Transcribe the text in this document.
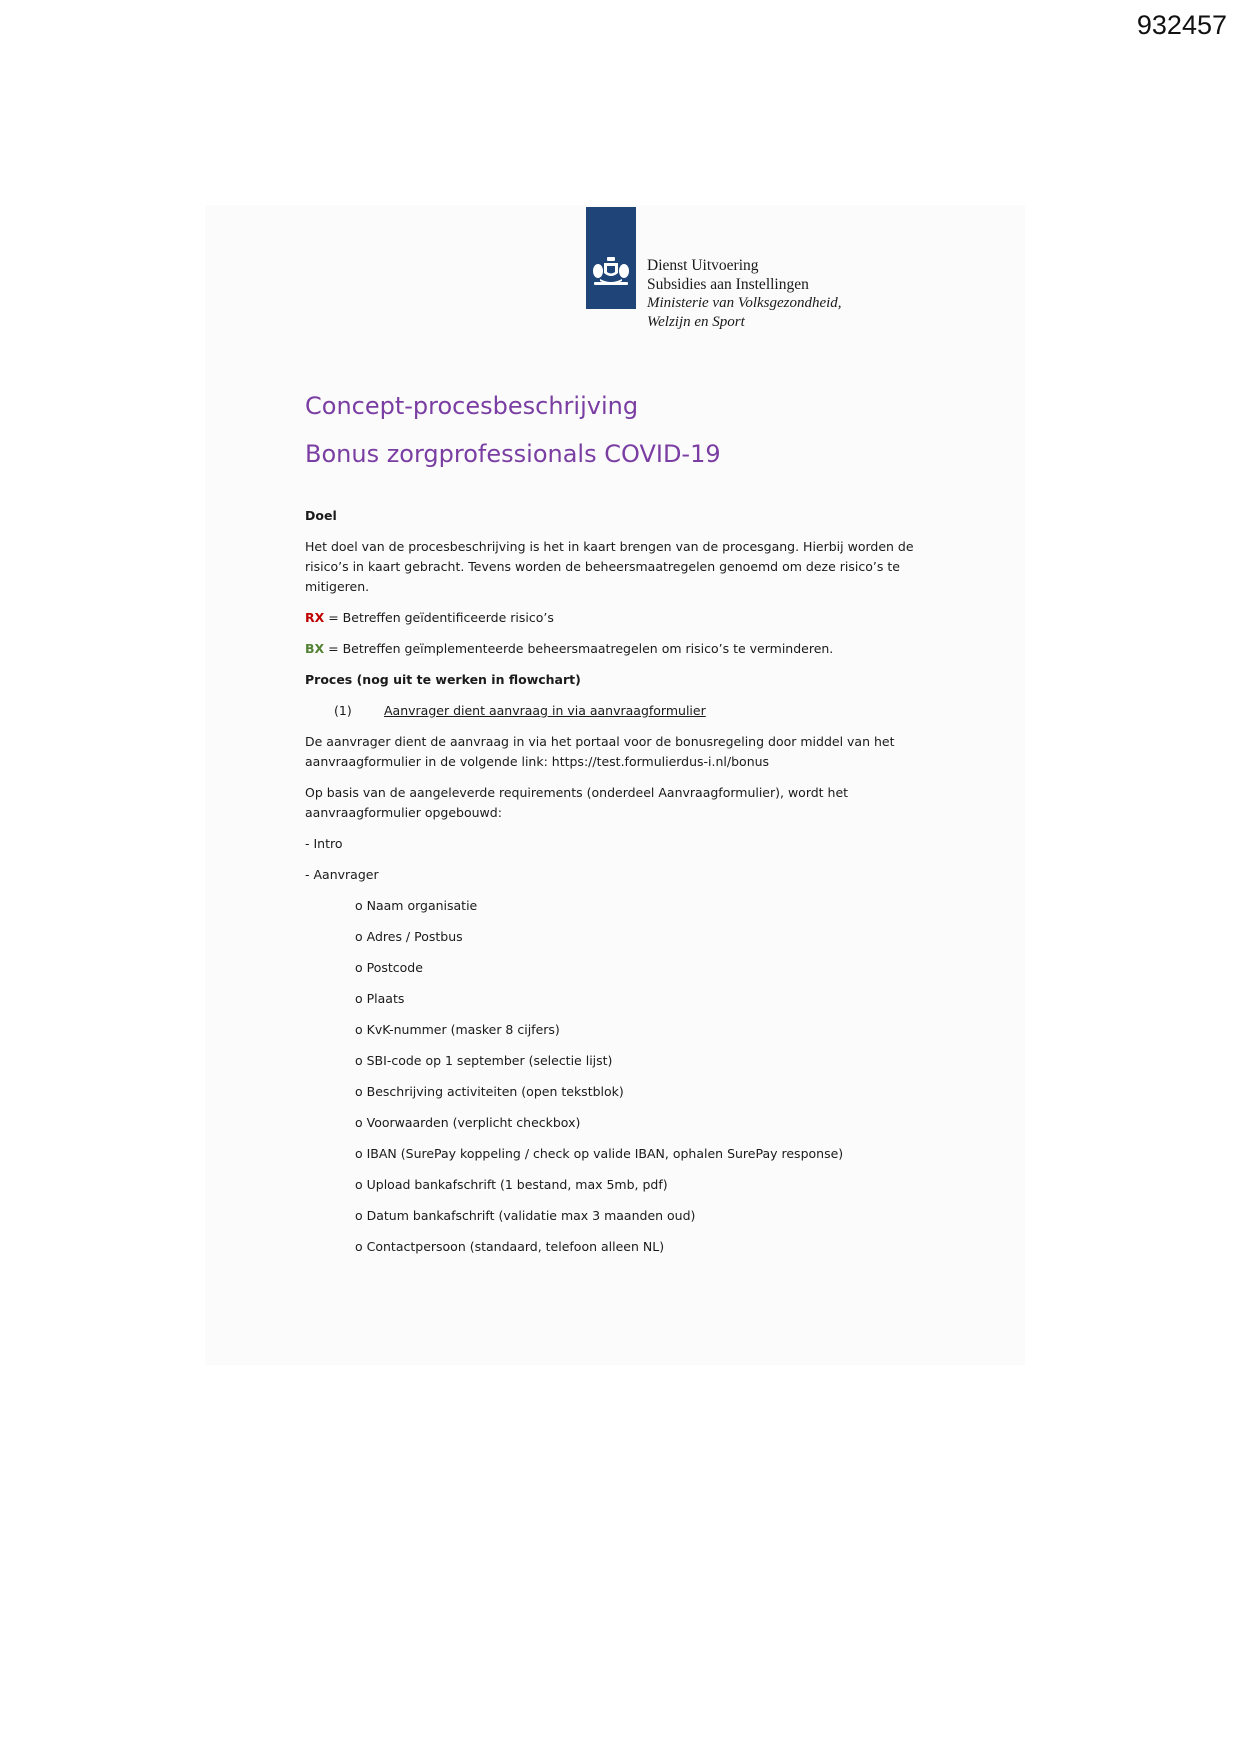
932457
Dienst Uitvoering
Subsidies aan Instellingen
Ministerie van Volksgezondheid,
Welzijn en Sport
Concept-procesbeschrijving
Bonus zorgprofessionals COVID-19

Doel

Het doel van de procesbeschrijving is het in kaart brengen van de procesgang. Hierbij worden de
risico’s in kaart gebracht. Tevens worden de beheersmaatregelen genoemd om deze risico’s te
mitigeren.

RX = Betreffen geïdentificeerde risico’s

BX = Betreffen geïmplementeerde beheersmaatregelen om risico’s te verminderen.

Proces (nog uit te werken in flowchart)

(1)	Aanvrager dient aanvraag in via aanvraagformulier

De aanvrager dient de aanvraag in via het portaal voor de bonusregeling door middel van het
aanvraagformulier in de volgende link: https://test.formulierdus-i.nl/bonus

Op basis van de aangeleverde requirements (onderdeel Aanvraagformulier), wordt het
aanvraagformulier opgebouwd:

- Intro

- Aanvrager

o Naam organisatie

o Adres / Postbus

o Postcode

o Plaats

o KvK-nummer (masker 8 cijfers)

o SBI-code op 1 september (selectie lijst)

o Beschrijving activiteiten (open tekstblok)

o Voorwaarden (verplicht checkbox)

o IBAN (SurePay koppeling / check op valide IBAN, ophalen SurePay response)

o Upload bankafschrift (1 bestand, max 5mb, pdf)

o Datum bankafschrift (validatie max 3 maanden oud)

o Contactpersoon (standaard, telefoon alleen NL)
